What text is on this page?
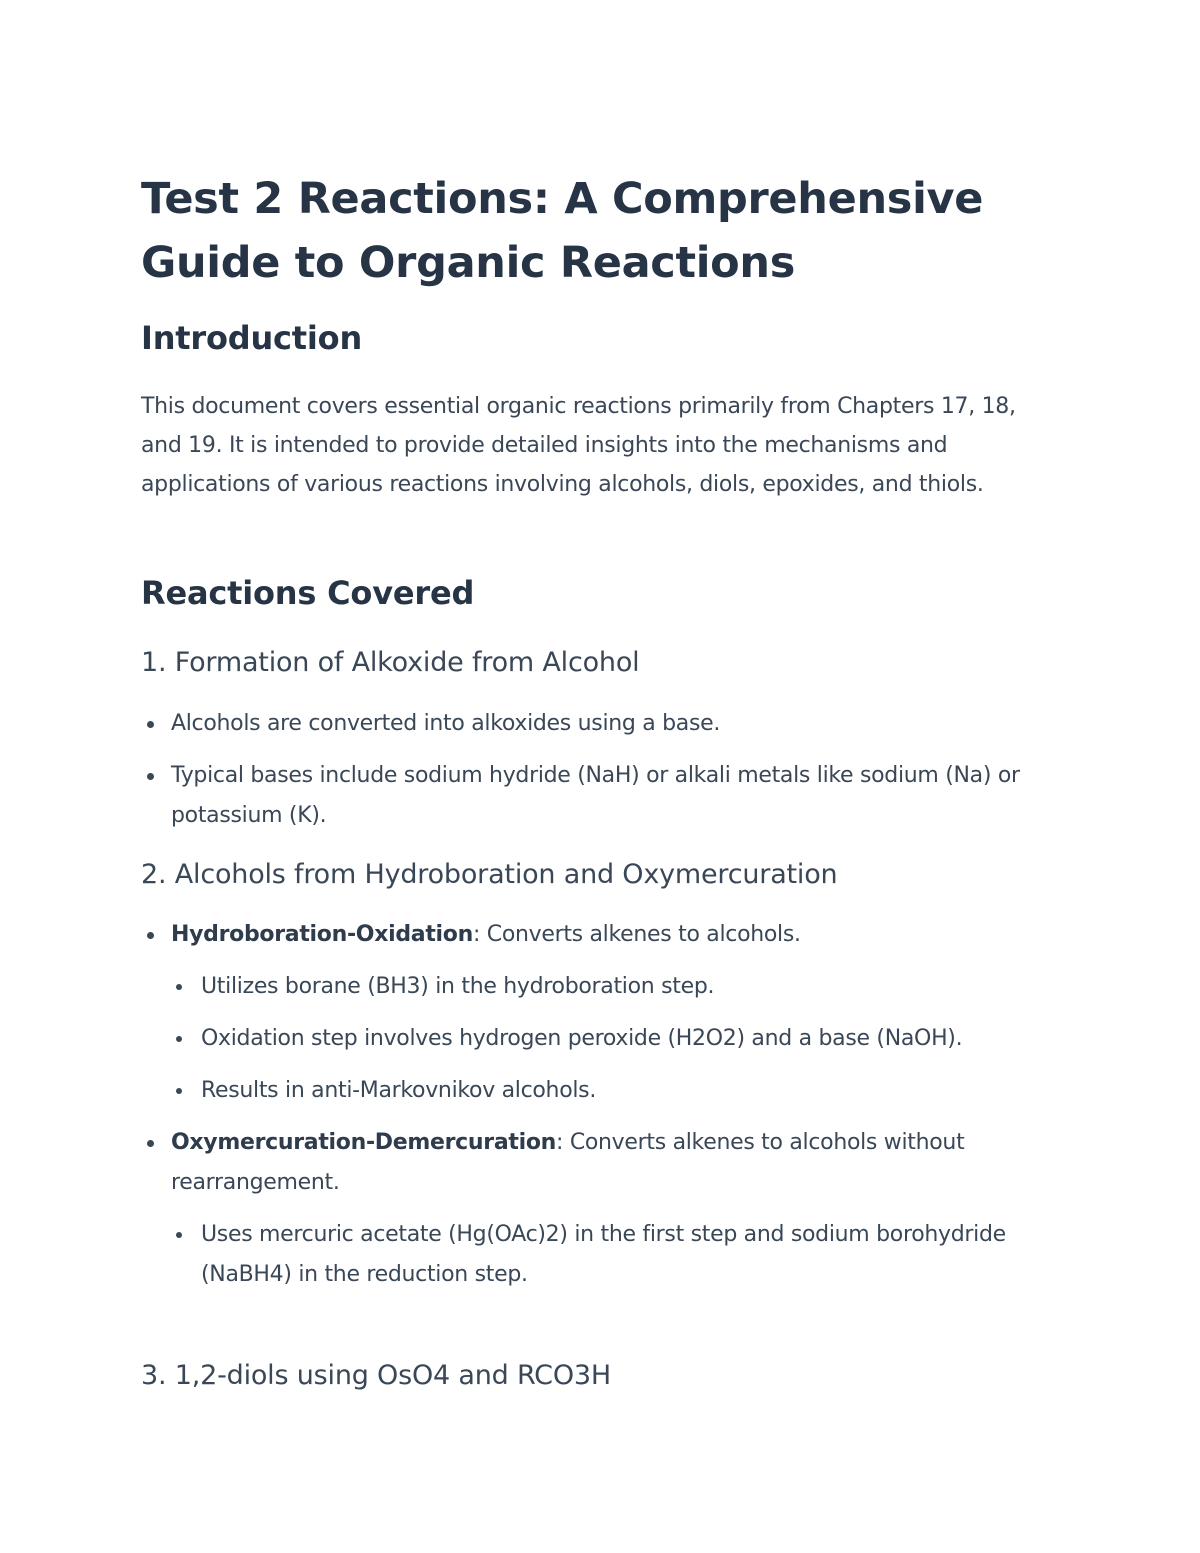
Test 2 Reactions: A Comprehensive Guide to Organic Reactions
Introduction

This document covers essential organic reactions primarily from Chapters 17, 18, and 19. It is intended to provide detailed insights into the mechanisms and applications of various reactions involving alcohols, diols, epoxides, and thiols.

Reactions Covered
1. Formation of Alkoxide from Alcohol
Alcohols are converted into alkoxides using a base.
Typical bases include sodium hydride (NaH) or alkali metals like sodium (Na) or potassium (K).
2. Alcohols from Hydroboration and Oxymercuration
Hydroboration-Oxidation: Converts alkenes to alcohols.
Utilizes borane (BH3) in the hydroboration step.
Oxidation step involves hydrogen peroxide (H2O2) and a base (NaOH).
Results in anti-Markovnikov alcohols.
Oxymercuration-Demercuration: Converts alkenes to alcohols without rearrangement.
Uses mercuric acetate (Hg(OAc)2) in the first step and sodium borohydride (NaBH4) in the reduction step.
3. 1,2-diols using OsO4 and RCO3H
